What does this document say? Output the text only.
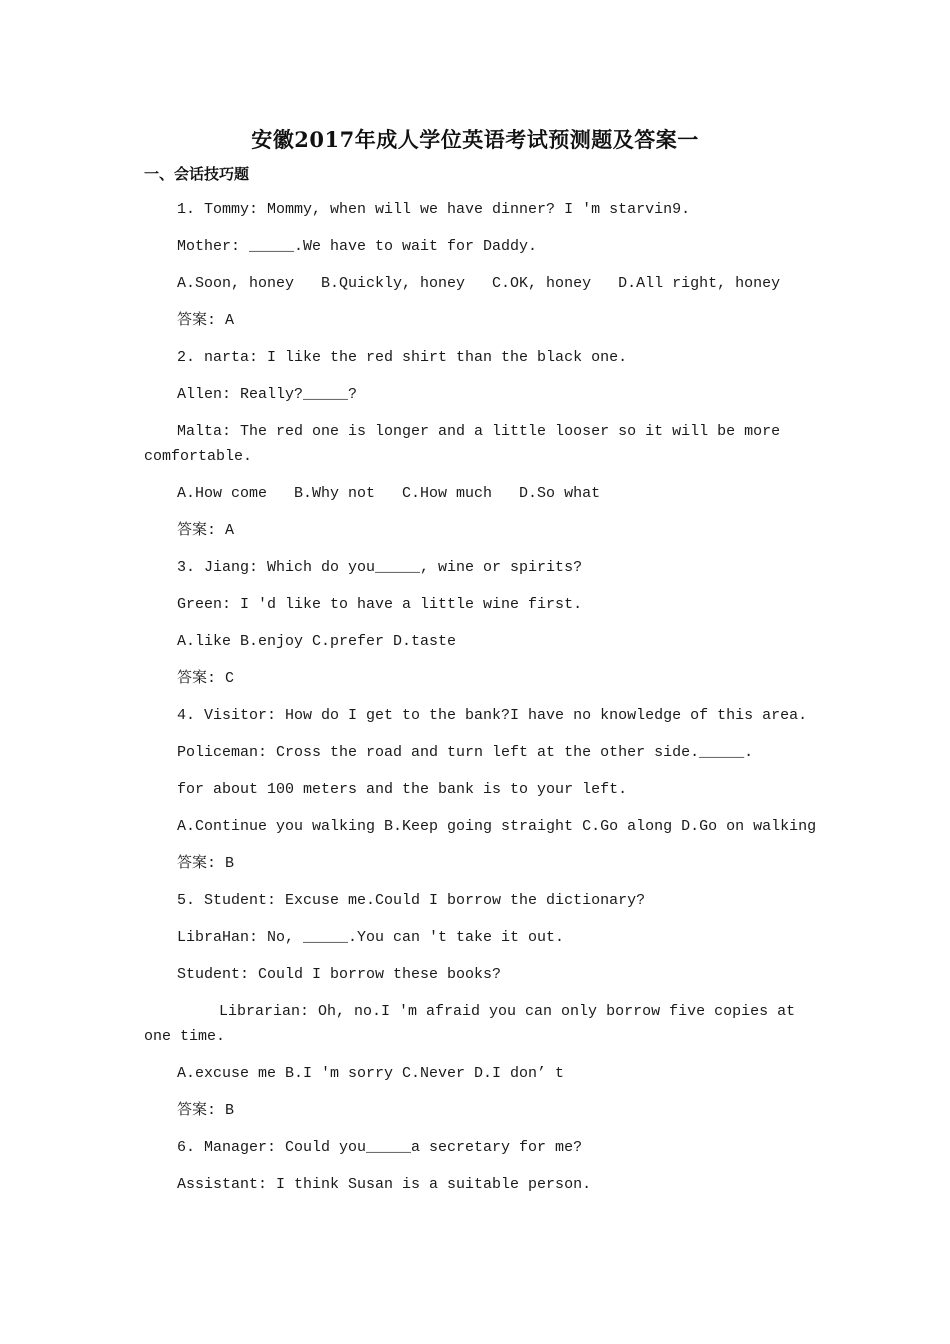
安徽2017年成人学位英语考试预测题及答案一
一、会话技巧题
1. Tommy: Mommy, when will we have dinner? I 'm starvin9.
Mother: _____.We have to wait for Daddy.
A.Soon, honey   B.Quickly, honey   C.OK, honey   D.All right, honey
答案: A
2. narta: I like the red shirt than the black one.
Allen: Really?_____?
Malta: The red one is longer and a little looser so it will be more comfortable.
A.How come   B.Why not   C.How much   D.So what
答案: A
3. Jiang: Which do you_____, wine or spirits?
Green: I 'd like to have a little wine first.
A.like B.enjoy C.prefer D.taste
答案: C
4. Visitor: How do I get to the bank?I have no knowledge of this area.
Policeman: Cross the road and turn left at the other side._____.
for about 100 meters and the bank is to your left.
A.Continue you walking B.Keep going straight C.Go along D.Go on walking
答案: B
5. Student: Excuse me.Could I borrow the dictionary?
LibraHan: No, _____.You can 't take it out.
Student: Could I borrow these books?
Librarian: Oh, no.I 'm afraid you can only borrow five copies at one time.
A.excuse me B.I 'm sorry C.Never D.I don’ t
答案: B
6. Manager: Could you_____a secretary for me?
Assistant: I think Susan is a suitable person.
